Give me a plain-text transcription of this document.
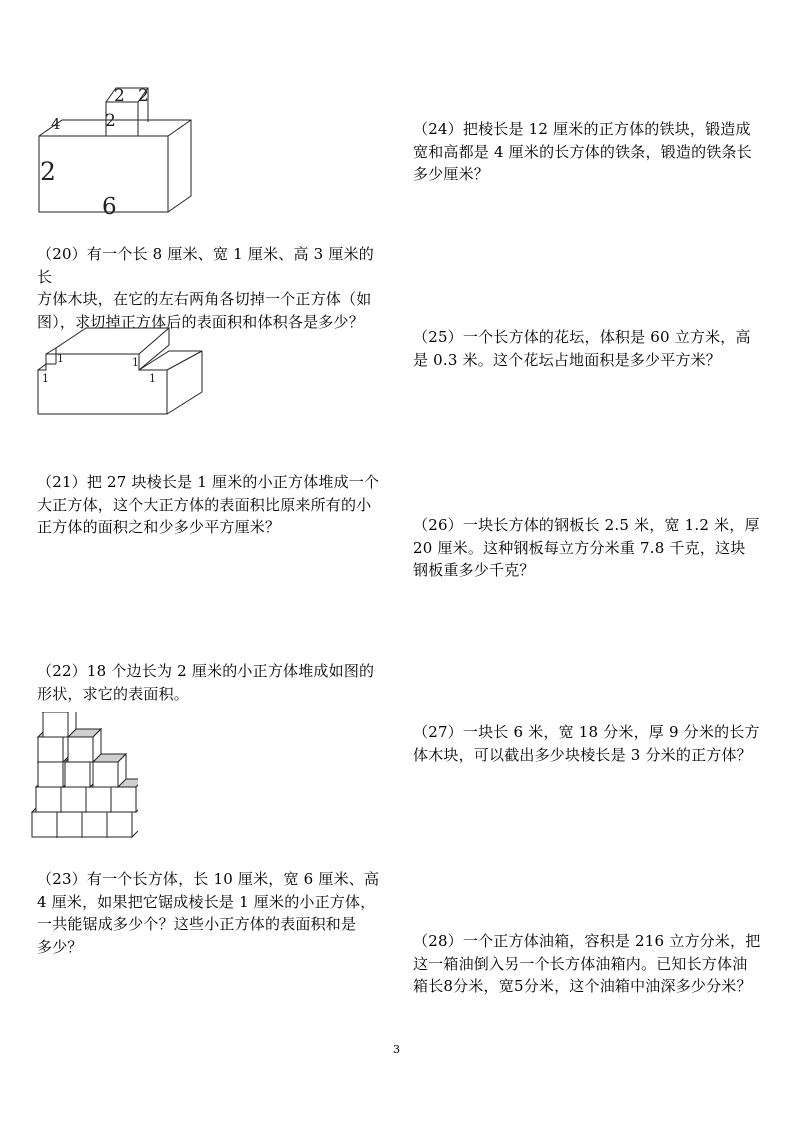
2 2
2
4
2
6

（20）有一个长 8 厘米、宽 1 厘米、高 3 厘米的长

方体木块，在它的左右两角各切掉一个正方体（如

图），求切掉正方体后的表面积和体积各是多少？

1
1
1
1

（21）把 27 块棱长是 1 厘米的小正方体堆成一个

大正方体，这个大正方体的表面积比原来所有的小

正方体的面积之和少多少平方厘米？

（22）18 个边长为 2 厘米的小正方体堆成如图的

形状，求它的表面积。

（23）有一个长方体，长 10 厘米，宽 6 厘米、高

4 厘米，如果把它锯成棱长是 1 厘米的小正方体，

一共能锯成多少个？这些小正方体的表面积和是

多少？

（24）把棱长是 12 厘米的正方体的铁块，锻造成

宽和高都是 4 厘米的长方体的铁条，锻造的铁条长

多少厘米？

（25）一个长方体的花坛，体积是 60 立方米，高

是 0.3 米。这个花坛占地面积是多少平方米？

（26）一块长方体的钢板长 2.5 米，宽 1.2 米，厚

20 厘米。这种钢板每立方分米重 7.8 千克，这块

钢板重多少千克？

（27）一块长 6 米，宽 18 分米，厚 9 分米的长方

体木块，可以截出多少块棱长是 3 分米的正方体？

（28）一个正方体油箱，容积是 216 立方分米，把

这一箱油倒入另一个长方体油箱内。已知长方体油

箱长8分米，宽5分米，这个油箱中油深多少分米？

3
